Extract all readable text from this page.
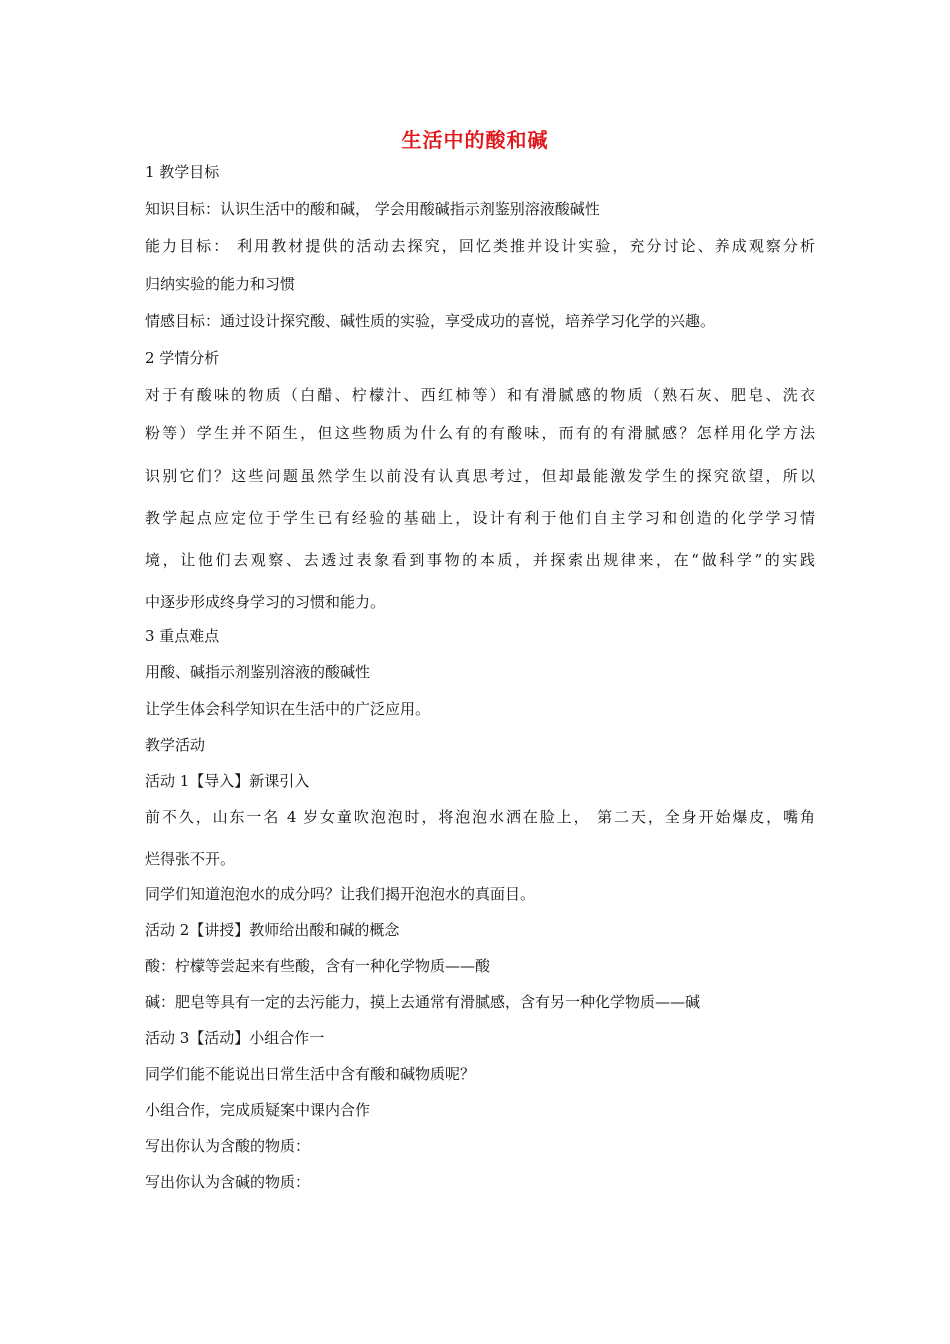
生活中的酸和碱
1 教学目标
知识目标：认识生活中的酸和碱， 学会用酸碱指示剂鉴别溶液酸碱性
能力目标： 利用教材提供的活动去探究，回忆类推并设计实验，充分讨论、养成观察分析
归纳实验的能力和习惯
情感目标：通过设计探究酸、碱性质的实验，享受成功的喜悦，培养学习化学的兴趣。
2 学情分析
对于有酸味的物质（白醋、柠檬汁、西红柿等）和有滑腻感的物质（熟石灰、肥皂、洗衣
粉等）学生并不陌生，但这些物质为什么有的有酸味，而有的有滑腻感？怎样用化学方法
识别它们？这些问题虽然学生以前没有认真思考过，但却最能激发学生的探究欲望，所以
教学起点应定位于学生已有经验的基础上，设计有利于他们自主学习和创造的化学学习情
境，让他们去观察、去透过表象看到事物的本质，并探索出规律来，在“做科学”的实践
中逐步形成终身学习的习惯和能力。
3 重点难点
用酸、碱指示剂鉴别溶液的酸碱性
让学生体会科学知识在生活中的广泛应用。
教学活动
活动 1【导入】新课引入
前不久，山东一名 4 岁女童吹泡泡时，将泡泡水洒在脸上， 第二天，全身开始爆皮，嘴角
烂得张不开。
同学们知道泡泡水的成分吗？让我们揭开泡泡水的真面目。
活动 2【讲授】教师给出酸和碱的概念
酸：柠檬等尝起来有些酸，含有一种化学物质——酸
碱：肥皂等具有一定的去污能力，摸上去通常有滑腻感，含有另一种化学物质——碱
活动 3【活动】小组合作一
同学们能不能说出日常生活中含有酸和碱物质呢？
小组合作，完成质疑案中课内合作
写出你认为含酸的物质：
写出你认为含碱的物质：
